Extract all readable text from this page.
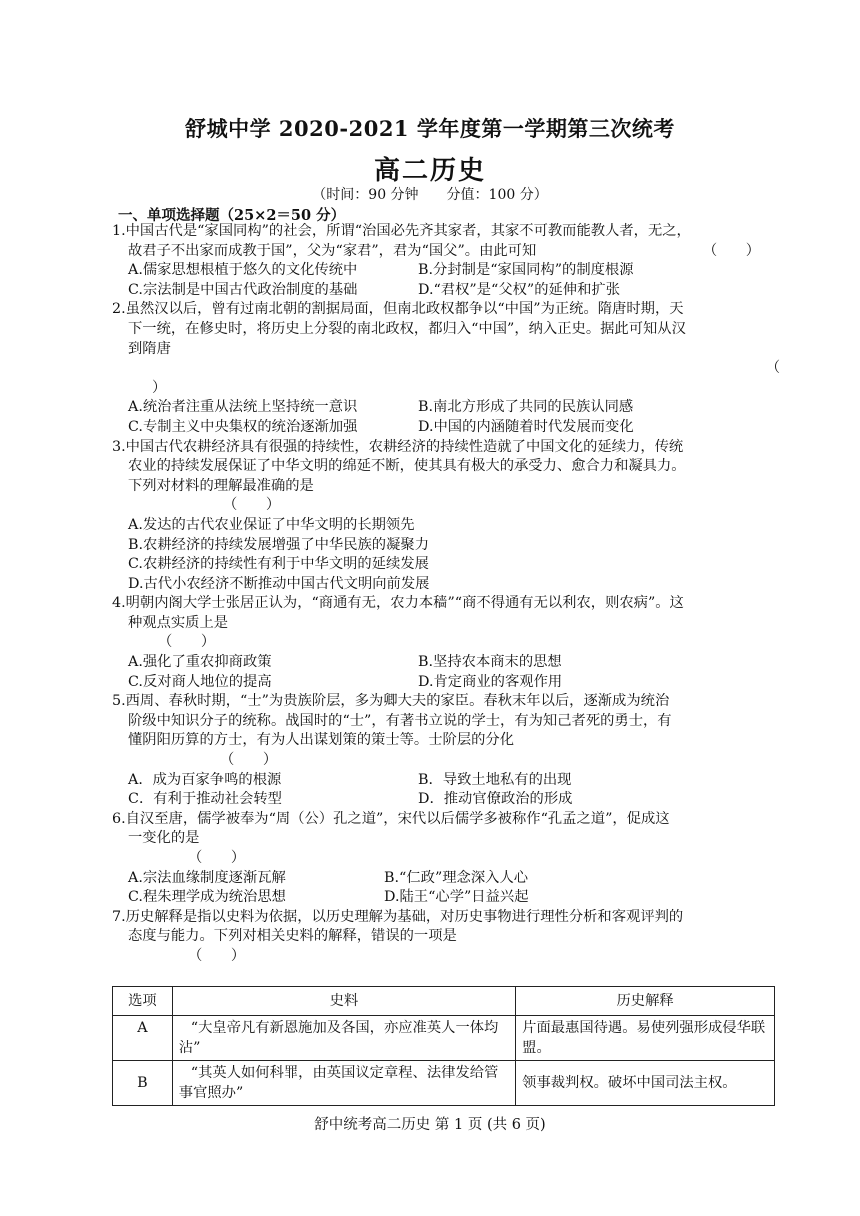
舒城中学 2020-2021 学年度第一学期第三次统考
高二历史
（时间：90 分钟　　分值：100 分）
一、单项选择题（25×2＝50 分）
1.中国古代是“家国同构”的社会，所谓“治国必先齐其家者，其家不可教而能教人者，无之，
故君子不出家而成教于国”，父为“家君”，君为“国父”。由此可知	（　　）
A.儒家思想根植于悠久的文化传统中	B.分封制是“家国同构”的制度根源
C.宗法制是中国古代政治制度的基础	D.“君权”是“父权”的延伸和扩张
2.虽然汉以后，曾有过南北朝的割据局面，但南北政权都争以“中国”为正统。隋唐时期，天
下一统，在修史时，将历史上分裂的南北政权，都归入“中国”，纳入正史。据此可知从汉
到隋唐
（
）
A.统治者注重从法统上坚持统一意识	B.南北方形成了共同的民族认同感
C.专制主义中央集权的统治逐渐加强	D.中国的内涵随着时代发展而变化
3.中国古代农耕经济具有很强的持续性，农耕经济的持续性造就了中国文化的延续力，传统
农业的持续发展保证了中华文明的绵延不断，使其具有极大的承受力、愈合力和凝具力。
下列对材料的理解最准确的是
（　　）
A.发达的古代农业保证了中华文明的长期领先
B.农耕经济的持续发展增强了中华民族的凝聚力
C.农耕经济的持续性有利于中华文明的延续发展
D.古代小农经济不断推动中国古代文明向前发展
4.明朝内阁大学士张居正认为，“商通有无，农力本穑”“商不得通有无以利农，则农病”。这
种观点实质上是
（　　）
A.强化了重农抑商政策	B.坚持农本商末的思想
C.反对商人地位的提高	D.肯定商业的客观作用
5.西周、春秋时期，“士”为贵族阶层，多为卿大夫的家臣。春秋末年以后，逐渐成为统治
阶级中知识分子的统称。战国时的“士”，有著书立说的学士，有为知己者死的勇士，有
懂阴阳历算的方士，有为人出谋划策的策士等。士阶层的分化
（　　）
A．成为百家争鸣的根源	B．导致土地私有的出现
C．有利于推动社会转型	D．推动官僚政治的形成
6.自汉至唐，儒学被奉为“周（公）孔之道”，宋代以后儒学多被称作“孔孟之道”，促成这
一变化的是
（　　）
A.宗法血缘制度逐渐瓦解	B.“仁政”理念深入人心
C.程朱理学成为统治思想	D.陆王“心学”日益兴起
7.历史解释是指以史料为依据，以历史理解为基础，对历史事物进行理性分析和客观评判的
态度与能力。下列对相关史料的解释，错误的一项是
（　　）
选项	史料	历史解释
A	“大皇帝凡有新恩施加及各国，亦应准英人一体均沾”	片面最惠国待遇。易使列强形成侵华联盟。
B	“其英人如何科罪，由英国议定章程、法律发给管事官照办”	领事裁判权。破坏中国司法主权。
舒中统考高二历史 第 1 页 (共 6 页)
